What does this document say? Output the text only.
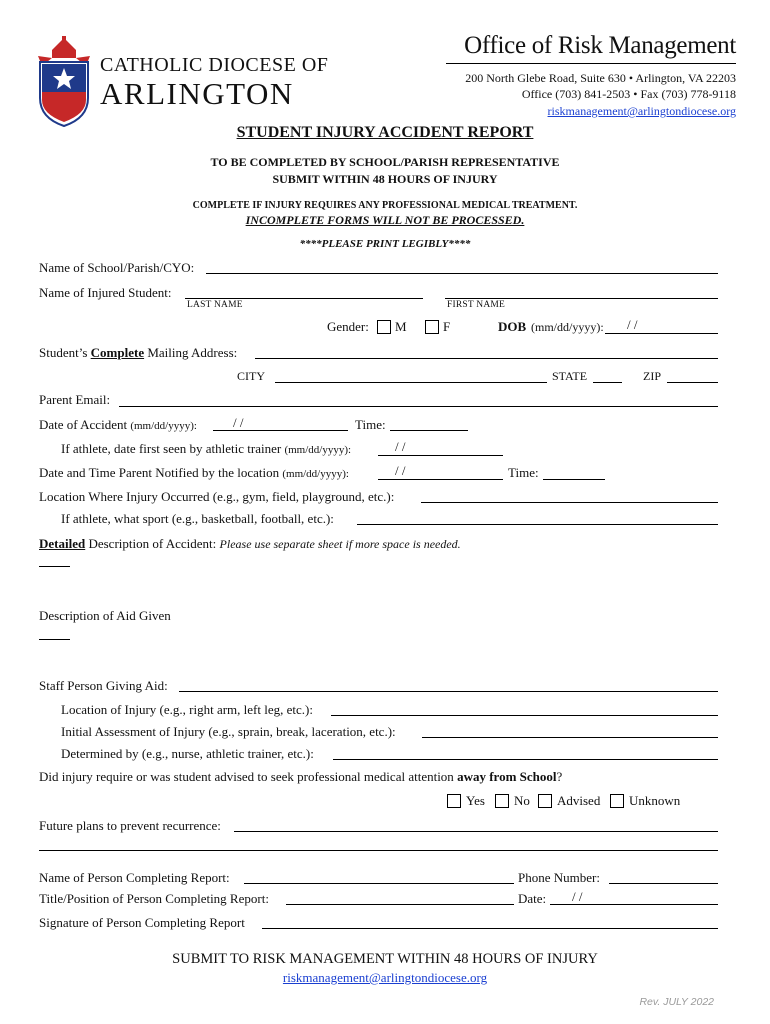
CATHOLIC DIOCESE OF
ARLINGTON
Office of Risk Management
200 North Glebe Road, Suite 630 • Arlington, VA 22203
Office (703) 841-2503 • Fax (703) 778-9118
riskmanagement@arlingtondiocese.org
STUDENT INJURY ACCIDENT REPORT
TO BE COMPLETED BY SCHOOL/PARISH REPRESENTATIVE
SUBMIT WITHIN 48 HOURS OF INJURY
COMPLETE IF INJURY REQUIRES ANY PROFESSIONAL MEDICAL TREATMENT.
INCOMPLETE FORMS WILL NOT BE PROCESSED.
****PLEASE PRINT LEGIBLY****
Name of School/Parish/CYO:
Name of Injured Student:
LAST NAME	FIRST NAME
Gender: M	F	DOB (mm/dd/yyyy): / /
Student’s Complete Mailing Address:
CITY	STATE	ZIP
Parent Email:
Date of Accident (mm/dd/yyyy):	/ /	Time:
If athlete, date first seen by athletic trainer (mm/dd/yyyy):	/ /
Date and Time Parent Notified by the location (mm/dd/yyyy):	/ /	Time:
Location Where Injury Occurred (e.g., gym, field, playground, etc.):
If athlete, what sport (e.g., basketball, football, etc.):
Detailed Description of Accident: Please use separate sheet if more space is needed.
Description of Aid Given
Staff Person Giving Aid:
Location of Injury (e.g., right arm, left leg, etc.):
Initial Assessment of Injury (e.g., sprain, break, laceration, etc.):
Determined by (e.g., nurse, athletic trainer, etc.):
Did injury require or was student advised to seek professional medical attention away from School?
Yes No Advised Unknown
Future plans to prevent recurrence:
Name of Person Completing Report:	Phone Number:
Title/Position of Person Completing Report:	Date: / /
Signature of Person Completing Report
SUBMIT TO RISK MANAGEMENT WITHIN 48 HOURS OF INJURY
riskmanagement@arlingtondiocese.org
Rev. JULY 2022
